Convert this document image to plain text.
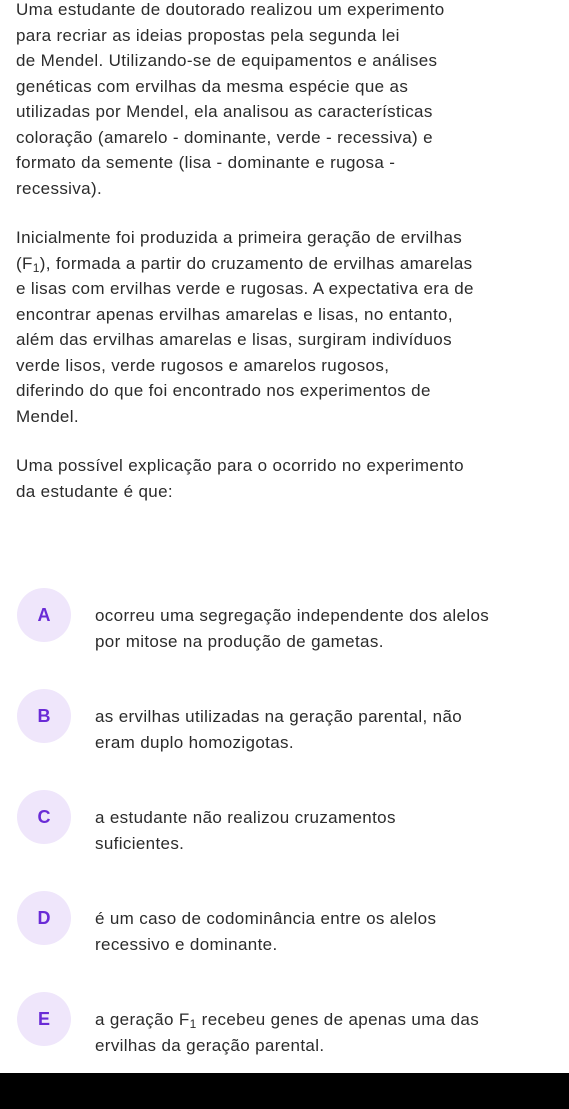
Uma estudante de doutorado realizou um experimento
para recriar as ideias propostas pela segunda lei
de Mendel. Utilizando-se de equipamentos e análises
genéticas com ervilhas da mesma espécie que as
utilizadas por Mendel, ela analisou as características
coloração (amarelo - dominante, verde - recessiva) e
formato da semente (lisa - dominante e rugosa -
recessiva).

Inicialmente foi produzida a primeira geração de ervilhas
$(F_1)$, formada a partir do cruzamento de ervilhas amarelas
e lisas com ervilhas verde e rugosas. A expectativa era de
encontrar apenas ervilhas amarelas e lisas, no entanto,
além das ervilhas amarelas e lisas, surgiram indivíduos
verde lisos, verde rugosos e amarelos rugosos,
diferindo do que foi encontrado nos experimentos de
Mendel.

Uma possível explicação para o ocorrido no experimento
da estudante é que:

A	ocorreu uma segregação independente dos alelos
por mitose na produção de gametas.
B	as ervilhas utilizadas na geração parental, não
eram duplo homozigotas.
C	a estudante não realizou cruzamentos
suficientes.
D	é um caso de codominância entre os alelos
recessivo e dominante.
E	a geração $F_1$ recebeu genes de apenas uma das
ervilhas da geração parental.
